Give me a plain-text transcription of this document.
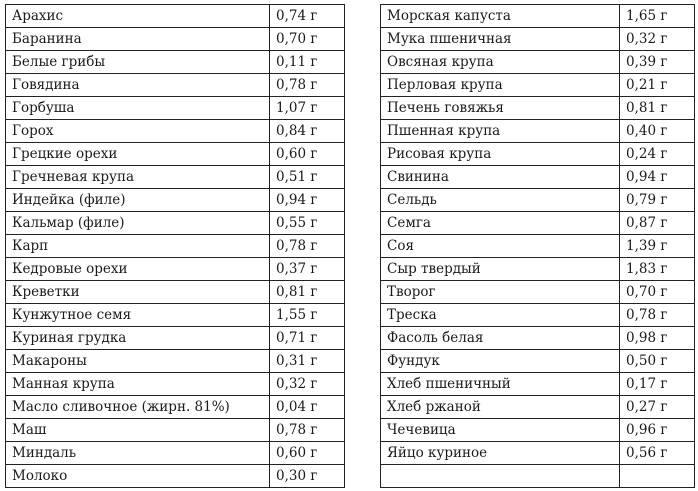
Арахис	0,74 г
Баранина	0,70 г
Белые грибы	0,11 г
Говядина	0,78 г
Горбуша	1,07 г
Горох	0,84 г
Грецкие орехи	0,60 г
Гречневая крупа	0,51 г
Индейка (филе)	0,94 г
Кальмар (филе)	0,55 г
Карп	0,78 г
Кедровые орехи	0,37 г
Креветки	0,81 г
Кунжутное семя	1,55 г
Куриная грудка	0,71 г
Макароны	0,31 г
Манная крупа	0,32 г
Масло сливочное (жирн. 81%)	0,04 г
Маш	0,78 г
Миндаль	0,60 г
Молоко	0,30 г
Морская капуста	1,65 г
Мука пшеничная	0,32 г
Овсяная крупа	0,39 г
Перловая крупа	0,21 г
Печень говяжья	0,81 г
Пшенная крупа	0,40 г
Рисовая крупа	0,24 г
Свинина	0,94 г
Сельдь	0,79 г
Семга	0,87 г
Соя	1,39 г
Сыр твердый	1,83 г
Творог	0,70 г
Треска	0,78 г
Фасоль белая	0,98 г
Фундук	0,50 г
Хлеб пшеничный	0,17 г
Хлеб ржаной	0,27 г
Чечевица	0,96 г
Яйцо куриное	0,56 г
